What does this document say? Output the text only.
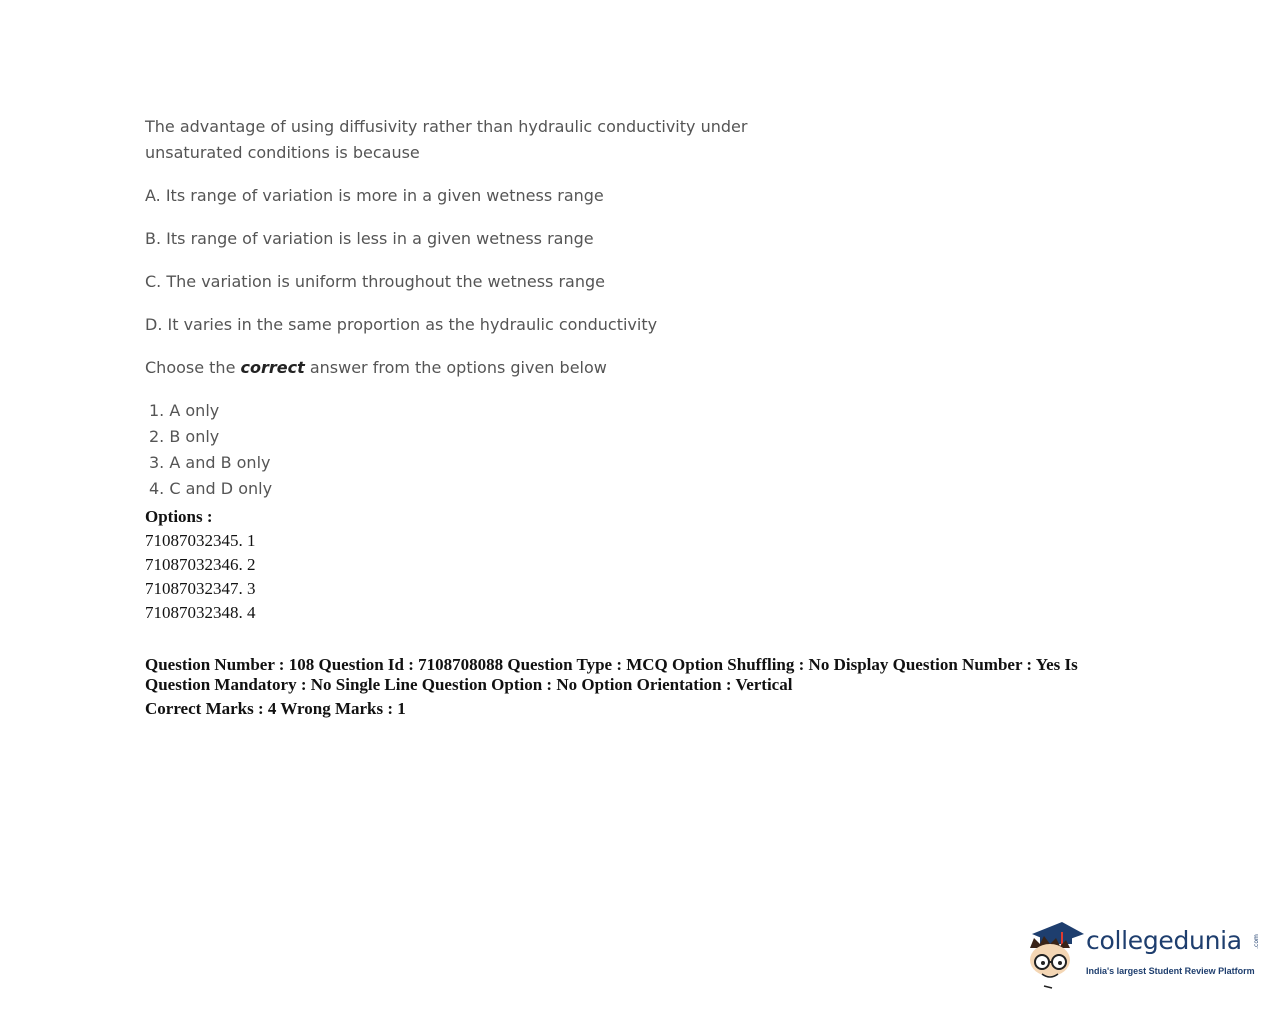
The advantage of using diffusivity rather than hydraulic conductivity under unsaturated conditions is because

A. Its range of variation is more in a given wetness range

B. Its range of variation is less in a given wetness range

C. The variation is uniform throughout the wetness range

D. It varies in the same proportion as the hydraulic conductivity

Choose the correct answer from the options given below

1. A only
2. B only
3. A and B only
4. C and D only
Options :
71087032345. 1
71087032346. 2
71087032347. 3
71087032348. 4
Question Number : 108 Question Id : 7108708088 Question Type : MCQ Option Shuffling : No Display Question Number : Yes Is Question Mandatory : No Single Line Question Option : No Option Orientation : Vertical
Correct Marks : 4 Wrong Marks : 1
collegedunia .com
India's largest Student Review Platform
